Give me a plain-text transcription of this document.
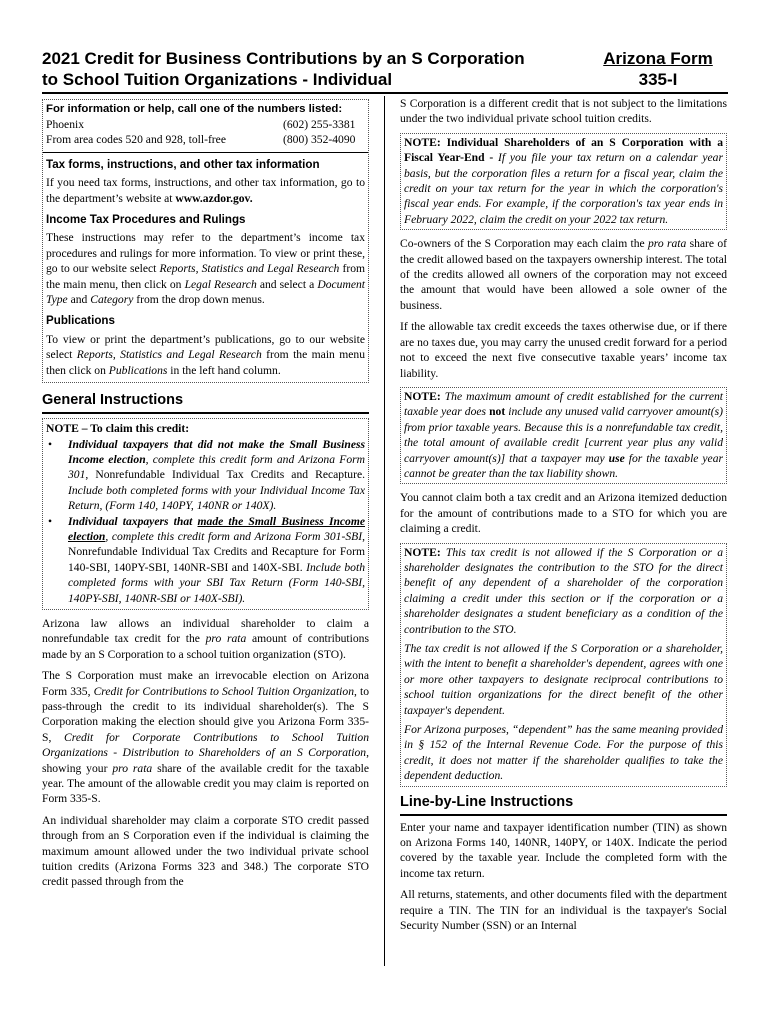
2021 Credit for Business Contributions by an S Corporation
to School Tuition Organizations - Individual
Arizona Form
335-I
For information or help, call one of the numbers listed:
Phoenix	(602) 255-3381
From area codes 520 and 928, toll-free	(800) 352-4090
Tax forms, instructions, and other tax information

If you need tax forms, instructions, and other tax information, go to the department’s website at www.azdor.gov.

Income Tax Procedures and Rulings

These instructions may refer to the department’s income tax procedures and rulings for more information. To view or print these, go to our website select Reports, Statistics and Legal Research from the main menu, then click on Legal Research and select a Document Type and Category from the drop down menus.

Publications

To view or print the department’s publications, go to our website select Reports, Statistics and Legal Research from the main menu then click on Publications in the left hand column.

General Instructions
NOTE – To claim this credit:
• Individual taxpayers that did not make the Small Business Income election, complete this credit form and Arizona Form 301, Nonrefundable Individual Tax Credits and Recapture. Include both completed forms with your Individual Income Tax Return, (Form 140, 140PY, 140NR or 140X).
• Individual taxpayers that made the Small Business Income election, complete this credit form and Arizona Form 301-SBI, Nonrefundable Individual Tax Credits and Recapture for Form 140-SBI, 140PY-SBI, 140NR-SBI and 140X-SBI. Include both completed forms with your SBI Tax Return (Form 140-SBI, 140PY-SBI, 140NR-SBI or 140X-SBI).

Arizona law allows an individual shareholder to claim a nonrefundable tax credit for the pro rata amount of contributions made by an S Corporation to a school tuition organization (STO).

The S Corporation must make an irrevocable election on Arizona Form 335, Credit for Contributions to School Tuition Organization, to pass-through the credit to its individual shareholder(s). The S Corporation making the election should give you Arizona Form 335-S, Credit for Corporate Contributions to School Tuition Organizations - Distribution to Shareholders of an S Corporation, showing your pro rata share of the available credit for the taxable year. The amount of the allowable credit you may claim is reported on Form 335-S.

An individual shareholder may claim a corporate STO credit passed through from an S Corporation even if the individual is claiming the maximum amount allowed under the two individual private school tuition credits (Arizona Forms 323 and 348.) The corporate STO credit passed through from the

S Corporation is a different credit that is not subject to the limitations under the two individual private school tuition credits.

NOTE: Individual Shareholders of an S Corporation with a Fiscal Year-End - If you file your tax return on a calendar year basis, but the corporation files a return for a fiscal year, claim the credit on your tax return for the year in which the corporation's fiscal year ends. For example, if the corporation's tax year ends in February 2022, claim the credit on your 2022 tax return.

Co-owners of the S Corporation may each claim the pro rata share of the credit allowed based on the taxpayers ownership interest. The total of the credits allowed all owners of the corporation may not exceed the amount that would have been allowed a sole owner of the business.

If the allowable tax credit exceeds the taxes otherwise due, or if there are no taxes due, you may carry the unused credit forward for a period not to exceed the next five consecutive taxable years’ income tax liability.

NOTE: The maximum amount of credit established for the current taxable year does not include any unused valid carryover amount(s) from prior taxable years. Because this is a nonrefundable tax credit, the total amount of available credit [current year plus any valid carryover amount(s)] that a taxpayer may use for the taxable year cannot be greater than the tax liability shown.

You cannot claim both a tax credit and an Arizona itemized deduction for the amount of contributions made to a STO for which you are claiming a credit.

NOTE: This tax credit is not allowed if the S Corporation or a shareholder designates the contribution to the STO for the direct benefit of any dependent of a shareholder of the corporation claiming a credit under this section or if the corporation or a shareholder designates a student beneficiary as a condition of the contribution to the STO.
The tax credit is not allowed if the S Corporation or a shareholder, with the intent to benefit a shareholder's dependent, agrees with one or more other taxpayers to designate reciprocal contributions to school tuition organizations for the direct benefit of the other taxpayer's dependent.
For Arizona purposes, “dependent” has the same meaning provided in § 152 of the Internal Revenue Code. For the purpose of this credit, it does not matter if the shareholder qualifies to take the dependent deduction.
Line-by-Line Instructions

Enter your name and taxpayer identification number (TIN) as shown on Arizona Forms 140, 140NR, 140PY, or 140X. Indicate the period covered by the taxable year. Include the completed form with the income tax return.

All returns, statements, and other documents filed with the department require a TIN. The TIN for an individual is the taxpayer's Social Security Number (SSN) or an Internal
